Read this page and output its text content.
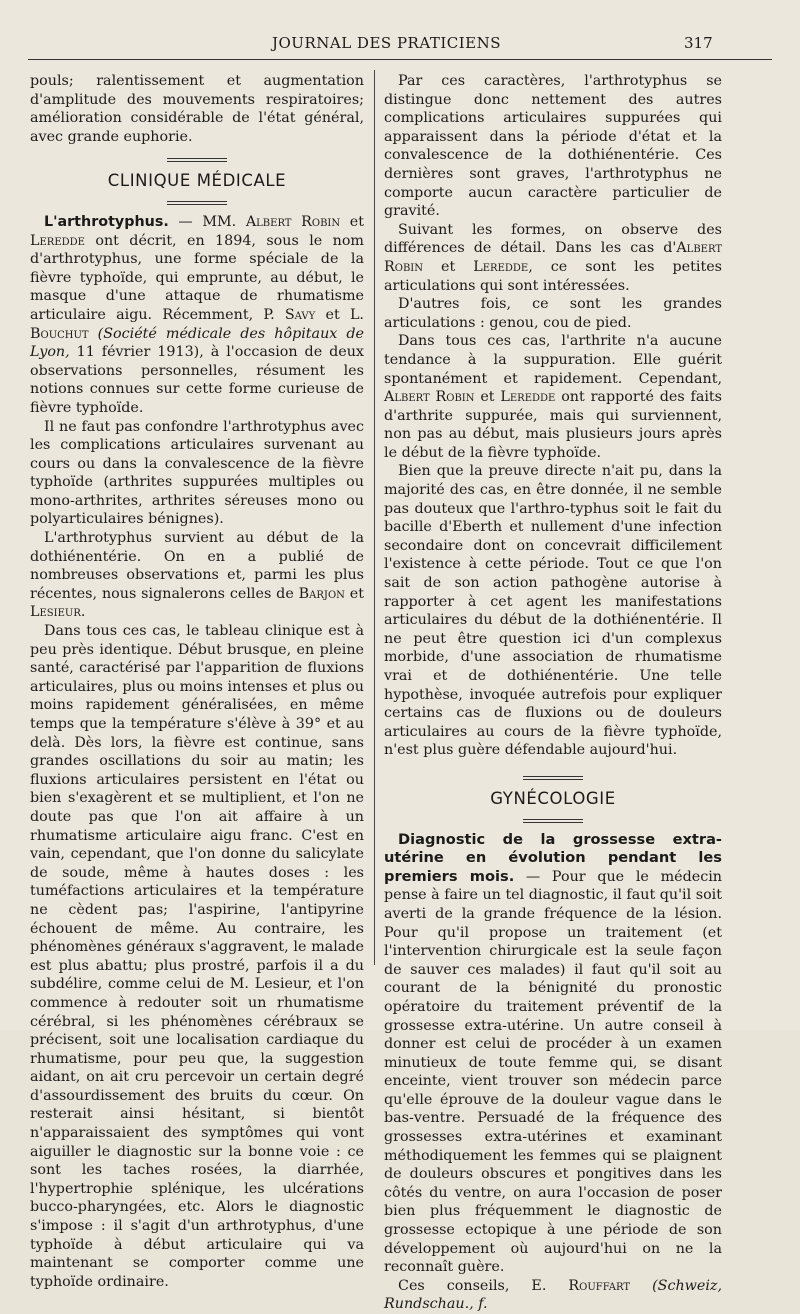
JOURNAL DES PRATICIENS	317

pouls; ralentissement et augmentation d'amplitude des mouvements respiratoires; amélioration considérable de l'état général, avec grande euphorie.

CLINIQUE MÉDICALE

L'arthrotyphus. — MM. Albert Robin et Leredde ont décrit, en 1894, sous le nom d'arthrotyphus, une forme spéciale de la fièvre typhoïde, qui emprunte, au début, le masque d'une attaque de rhumatisme articulaire aigu. Récemment, P. Savy et L. Bouchut (Société médicale des hôpitaux de Lyon, 11 février 1913), à l'occasion de deux observations personnelles, résument les notions connues sur cette forme curieuse de fièvre typhoïde.

Il ne faut pas confondre l'arthrotyphus avec les complications articulaires survenant au cours ou dans la convalescence de la fièvre typhoïde (arthrites suppurées multiples ou mono-arthrites, arthrites séreuses mono ou polyarticulaires bénignes).

L'arthrotyphus survient au début de la dothiénentérie. On en a publié de nombreuses observations et, parmi les plus récentes, nous signalerons celles de Barjon et Lesieur.

Dans tous ces cas, le tableau clinique est à peu près identique. Début brusque, en pleine santé, caractérisé par l'apparition de fluxions articulaires, plus ou moins intenses et plus ou moins rapidement généralisées, en même temps que la température s'élève à 39° et au delà. Dès lors, la fièvre est continue, sans grandes oscillations du soir au matin; les fluxions articulaires persistent en l'état ou bien s'exagèrent et se multiplient, et l'on ne doute pas que l'on ait affaire à un rhumatisme articulaire aigu franc. C'est en vain, cependant, que l'on donne du salicylate de soude, même à hautes doses : les tuméfactions articulaires et la température ne cèdent pas; l'aspirine, l'antipyrine échouent de même. Au contraire, les phénomènes généraux s'aggravent, le malade est plus abattu; plus prostré, parfois il a du subdélire, comme celui de M. Lesieur, et l'on commence à redouter soit un rhumatisme cérébral, si les phénomènes cérébraux se précisent, soit une localisation cardiaque du rhumatisme, pour peu que, la suggestion aidant, on ait cru percevoir un certain degré d'assourdissement des bruits du cœur. On resterait ainsi hésitant, si bientôt n'apparaissaient des symptômes qui vont aiguiller le diagnostic sur la bonne voie : ce sont les taches rosées, la diarrhée, l'hypertrophie splénique, les ulcérations bucco-pharyngées, etc. Alors le diagnostic s'impose : il s'agit d'un arthrotyphus, d'une typhoïde à début articulaire qui va maintenant se comporter comme une typhoïde ordinaire.

Par ces caractères, l'arthrotyphus se distingue donc nettement des autres complications articulaires suppurées qui apparaissent dans la période d'état et la convalescence de la dothiénentérie. Ces dernières sont graves, l'arthrotyphus ne comporte aucun caractère particulier de gravité.

Suivant les formes, on observe des différences de détail. Dans les cas d'Albert Robin et Leredde, ce sont les petites articulations qui sont intéressées.

D'autres fois, ce sont les grandes articulations : genou, cou de pied.

Dans tous ces cas, l'arthrite n'a aucune tendance à la suppuration. Elle guérit spontanément et rapidement. Cependant, Albert Robin et Leredde ont rapporté des faits d'arthrite suppurée, mais qui surviennent, non pas au début, mais plusieurs jours après le début de la fièvre typhoïde.

Bien que la preuve directe n'ait pu, dans la majorité des cas, en être donnée, il ne semble pas douteux que l'arthro-typhus soit le fait du bacille d'Eberth et nullement d'une infection secondaire dont on concevrait difficilement l'existence à cette période. Tout ce que l'on sait de son action pathogène autorise à rapporter à cet agent les manifestations articulaires du début de la dothiénentérie. Il ne peut être question ici d'un complexus morbide, d'une association de rhumatisme vrai et de dothiénentérie. Une telle hypothèse, invoquée autrefois pour expliquer certains cas de fluxions ou de douleurs articulaires au cours de la fièvre typhoïde, n'est plus guère défendable aujourd'hui.

GYNÉCOLOGIE

Diagnostic de la grossesse extra-utérine en évolution pendant les premiers mois. — Pour que le médecin pense à faire un tel diagnostic, il faut qu'il soit averti de la grande fréquence de la lésion. Pour qu'il propose un traitement (et l'intervention chirurgicale est la seule façon de sauver ces malades) il faut qu'il soit au courant de la bénignité du pronostic opératoire du traitement préventif de la grossesse extra-utérine. Un autre conseil à donner est celui de procéder à un examen minutieux de toute femme qui, se disant enceinte, vient trouver son médecin parce qu'elle éprouve de la douleur vague dans le bas-ventre. Persuadé de la fréquence des grossesses extra-utérines et examinant méthodiquement les femmes qui se plaignent de douleurs obscures et pongitives dans les côtés du ventre, on aura l'occasion de poser bien plus fréquemment le diagnostic de grossesse ectopique à une période de son développement où aujourd'hui on ne la reconnaît guère.

Ces conseils, E. Rouffart (Schweiz, Rundschau., f.
